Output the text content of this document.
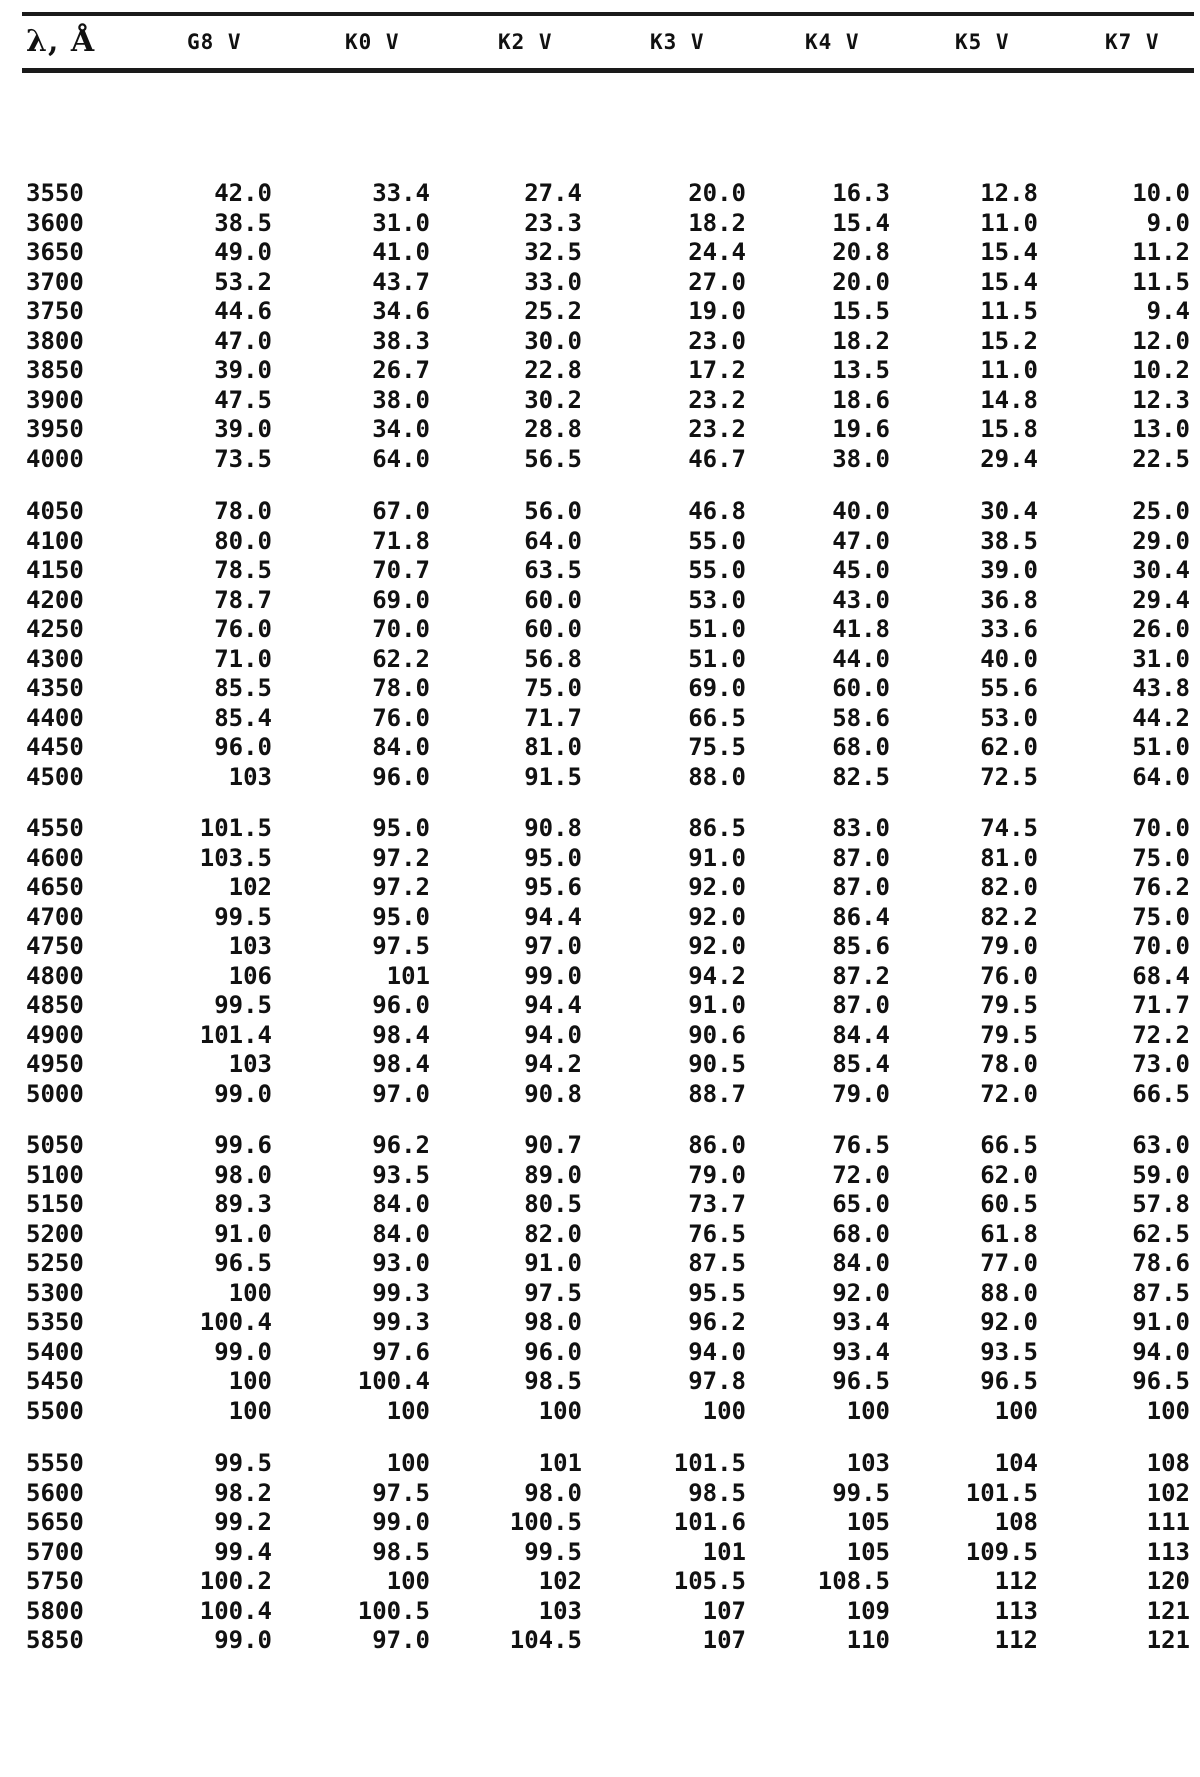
λ, Å	G8 V	K0 V	K2 V	K3 V	K4 V	K5 V	K7 V
3550	42.0	33.4	27.4	20.0	16.3	12.8	10.0
3600	38.5	31.0	23.3	18.2	15.4	11.0	9.0
3650	49.0	41.0	32.5	24.4	20.8	15.4	11.2
3700	53.2	43.7	33.0	27.0	20.0	15.4	11.5
3750	44.6	34.6	25.2	19.0	15.5	11.5	9.4
3800	47.0	38.3	30.0	23.0	18.2	15.2	12.0
3850	39.0	26.7	22.8	17.2	13.5	11.0	10.2
3900	47.5	38.0	30.2	23.2	18.6	14.8	12.3
3950	39.0	34.0	28.8	23.2	19.6	15.8	13.0
4000	73.5	64.0	56.5	46.7	38.0	29.4	22.5
4050	78.0	67.0	56.0	46.8	40.0	30.4	25.0
4100	80.0	71.8	64.0	55.0	47.0	38.5	29.0
4150	78.5	70.7	63.5	55.0	45.0	39.0	30.4
4200	78.7	69.0	60.0	53.0	43.0	36.8	29.4
4250	76.0	70.0	60.0	51.0	41.8	33.6	26.0
4300	71.0	62.2	56.8	51.0	44.0	40.0	31.0
4350	85.5	78.0	75.0	69.0	60.0	55.6	43.8
4400	85.4	76.0	71.7	66.5	58.6	53.0	44.2
4450	96.0	84.0	81.0	75.5	68.0	62.0	51.0
4500	103	96.0	91.5	88.0	82.5	72.5	64.0
4550	101.5	95.0	90.8	86.5	83.0	74.5	70.0
4600	103.5	97.2	95.0	91.0	87.0	81.0	75.0
4650	102	97.2	95.6	92.0	87.0	82.0	76.2
4700	99.5	95.0	94.4	92.0	86.4	82.2	75.0
4750	103	97.5	97.0	92.0	85.6	79.0	70.0
4800	106	101	99.0	94.2	87.2	76.0	68.4
4850	99.5	96.0	94.4	91.0	87.0	79.5	71.7
4900	101.4	98.4	94.0	90.6	84.4	79.5	72.2
4950	103	98.4	94.2	90.5	85.4	78.0	73.0
5000	99.0	97.0	90.8	88.7	79.0	72.0	66.5
5050	99.6	96.2	90.7	86.0	76.5	66.5	63.0
5100	98.0	93.5	89.0	79.0	72.0	62.0	59.0
5150	89.3	84.0	80.5	73.7	65.0	60.5	57.8
5200	91.0	84.0	82.0	76.5	68.0	61.8	62.5
5250	96.5	93.0	91.0	87.5	84.0	77.0	78.6
5300	100	99.3	97.5	95.5	92.0	88.0	87.5
5350	100.4	99.3	98.0	96.2	93.4	92.0	91.0
5400	99.0	97.6	96.0	94.0	93.4	93.5	94.0
5450	100	100.4	98.5	97.8	96.5	96.5	96.5
5500	100	100	100	100	100	100	100
5550	99.5	100	101	101.5	103	104	108
5600	98.2	97.5	98.0	98.5	99.5	101.5	102
5650	99.2	99.0	100.5	101.6	105	108	111
5700	99.4	98.5	99.5	101	105	109.5	113
5750	100.2	100	102	105.5	108.5	112	120
5800	100.4	100.5	103	107	109	113	121
5850	99.0	97.0	104.5	107	110	112	121
